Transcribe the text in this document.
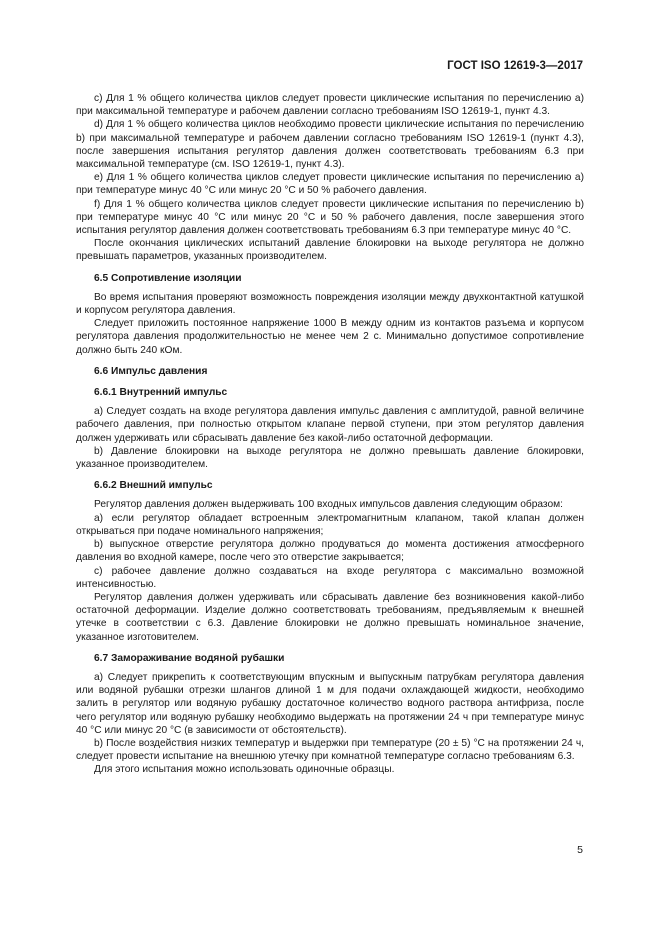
ГОСТ ISO 12619-3—2017

c) Для 1 % общего количества циклов следует провести циклические испытания по перечислению а) при максимальной температуре и рабочем давлении согласно требованиям ISO 12619-1, пункт 4.3.

d) Для 1 % общего количества циклов необходимо провести циклические испытания по перечислению b) при максимальной температуре и рабочем давлении согласно требованиям ISO 12619-1 (пункт 4.3), после завершения испытания регулятор давления должен соответствовать требованиям 6.3 при максимальной температуре (см. ISO 12619-1, пункт 4.3).

е) Для 1 % общего количества циклов следует провести циклические испытания по перечислению а) при температуре минус 40 °С или минус 20 °С и 50 % рабочего давления.

f) Для 1 % общего количества циклов следует провести циклические испытания по перечислению b) при температуре минус 40 °С или минус 20 °С и 50 % рабочего давления, после завершения этого испытания регулятор давления должен соответствовать требованиям 6.3 при температуре минус 40 °С.

После окончания циклических испытаний давление блокировки на выходе регулятора не должно превышать параметров, указанных производителем.

6.5 Сопротивление изоляции

Во время испытания проверяют возможность повреждения изоляции между двухконтактной катушкой и корпусом регулятора давления.

Следует приложить постоянное напряжение 1000 В между одним из контактов разъема и корпусом регулятора давления продолжительностью не менее чем 2 с. Минимально допустимое сопротивление должно быть 240 кОм.

6.6 Импульс давления
6.6.1 Внутренний импульс

а) Следует создать на входе регулятора давления импульс давления с амплитудой, равной величине рабочего давления, при полностью открытом клапане первой ступени, при этом регулятор давления должен удерживать или сбрасывать давление без какой-либо остаточной деформации.

b) Давление блокировки на выходе регулятора не должно превышать давление блокировки, указанное производителем.

6.6.2 Внешний импульс

Регулятор давления должен выдерживать 100 входных импульсов давления следующим образом:

а) если регулятор обладает встроенным электромагнитным клапаном, такой клапан должен открываться при подаче номинального напряжения;

b) выпускное отверстие регулятора должно продуваться до момента достижения атмосферного давления во входной камере, после чего это отверстие закрывается;

c) рабочее давление должно создаваться на входе регулятора с максимально возможной интенсивностью.

Регулятор давления должен удерживать или сбрасывать давление без возникновения какой-либо остаточной деформации. Изделие должно соответствовать требованиям, предъявляемым к внешней утечке в соответствии с 6.3. Давление блокировки не должно превышать номинальное значение, указанное изготовителем.

6.7 Замораживание водяной рубашки

а) Следует прикрепить к соответствующим впускным и выпускным патрубкам регулятора давления или водяной рубашки отрезки шлангов длиной 1 м для подачи охлаждающей жидкости, необходимо залить в регулятор или водяную рубашку достаточное количество водного раствора антифриза, после чего регулятор или водяную рубашку необходимо выдержать на протяжении 24 ч при температуре минус 40 °С или минус 20 °С (в зависимости от обстоятельств).

b) После воздействия низких температур и выдержки при температуре (20 ± 5) °С на протяжении 24 ч, следует провести испытание на внешнюю утечку при комнатной температуре согласно требованиям 6.3.

Для этого испытания можно использовать одиночные образцы.

5
